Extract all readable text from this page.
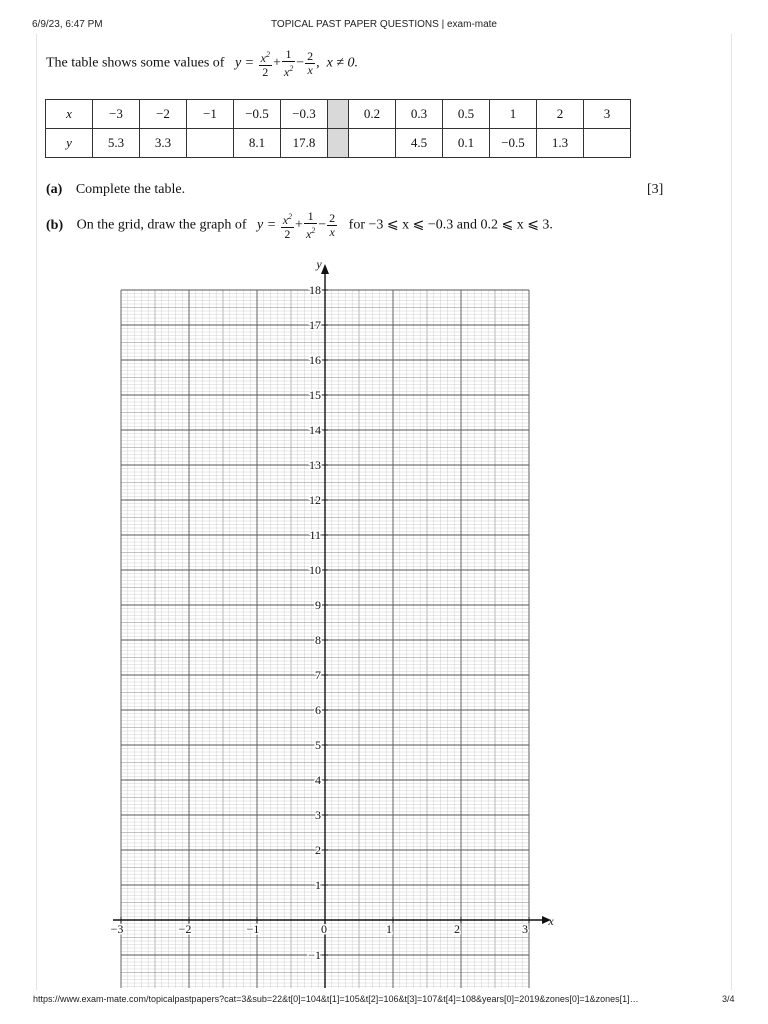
6/9/23, 6:47 PM	TOPICAL PAST PAPER QUESTIONS | exam-mate
The table shows some values of $y = \frac{x^2}{2} + \frac{1}{x^2} - \frac{2}{x}$ ,  x ≠ 0.
x	−3	−2	−1	−0.5	−0.3		0.2	0.3	0.5	1	2	3
y	5.3	3.3		8.1	17.8			4.5	0.1	−0.5	1.3	
(a) Complete the table.	[3]
(b) On the grid, draw the graph of $y = \frac{x^2}{2} + \frac{1}{x^2} - \frac{2}{x}$ for −3 ⩽ x ⩽ −0.3 and 0.2 ⩽ x ⩽ 3.
y
x
18
17
16
15
14
13
12
11
10
9
8
7
6
5
4
3
2
1
−1
−3	−2	−1	0	1	2	3
https://www.exam-mate.com/topicalpastpapers?cat=3&sub=22&t[0]=104&t[1]=105&t[2]=106&t[3]=107&t[4]=108&years[0]=2019&zones[0]=1&zones[1]…	3/4
